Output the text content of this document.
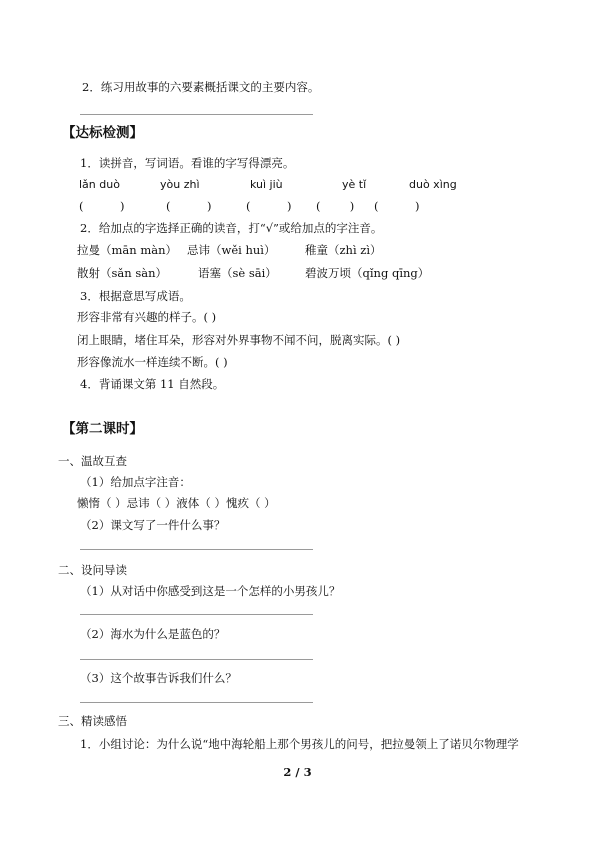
2．练习用故事的六要素概括课文的主要内容。
【达标检测】
1．读拼音，写词语。看谁的字写得漂亮。
lǎn duò	yòu zhì	kuì jiù	yè tǐ	duò xìng
(          )	(          )	(          ) (        ) (          )
2．给加点的字选择正确的读音，打“√”或给加点的字注音。
拉曼（mān màn） 忌讳（wěi huì）	稚童（zhì zì）
散射（sǎn sàn）	语塞（sè sāi） 碧波万顷（qǐng qīng）
3．根据意思写成语。
形容非常有兴趣的样子。( )
闭上眼睛，堵住耳朵，形容对外界事物不闻不问，脱离实际。( )
形容像流水一样连续不断。( )
4．背诵课文第 11 自然段。
【第二课时】
一、温故互查
（1）给加点字注音：
懒惰（ ）忌讳（ ）液体（ ）愧疚（ ）
（2）课文写了一件什么事？
二、设问导读
（1）从对话中你感受到这是一个怎样的小男孩儿？
（2）海水为什么是蓝色的？
（3）这个故事告诉我们什么？
三、精读感悟
1．小组讨论：为什么说“地中海轮船上那个男孩儿的问号，把拉曼领上了诺贝尔物理学
2 / 3
